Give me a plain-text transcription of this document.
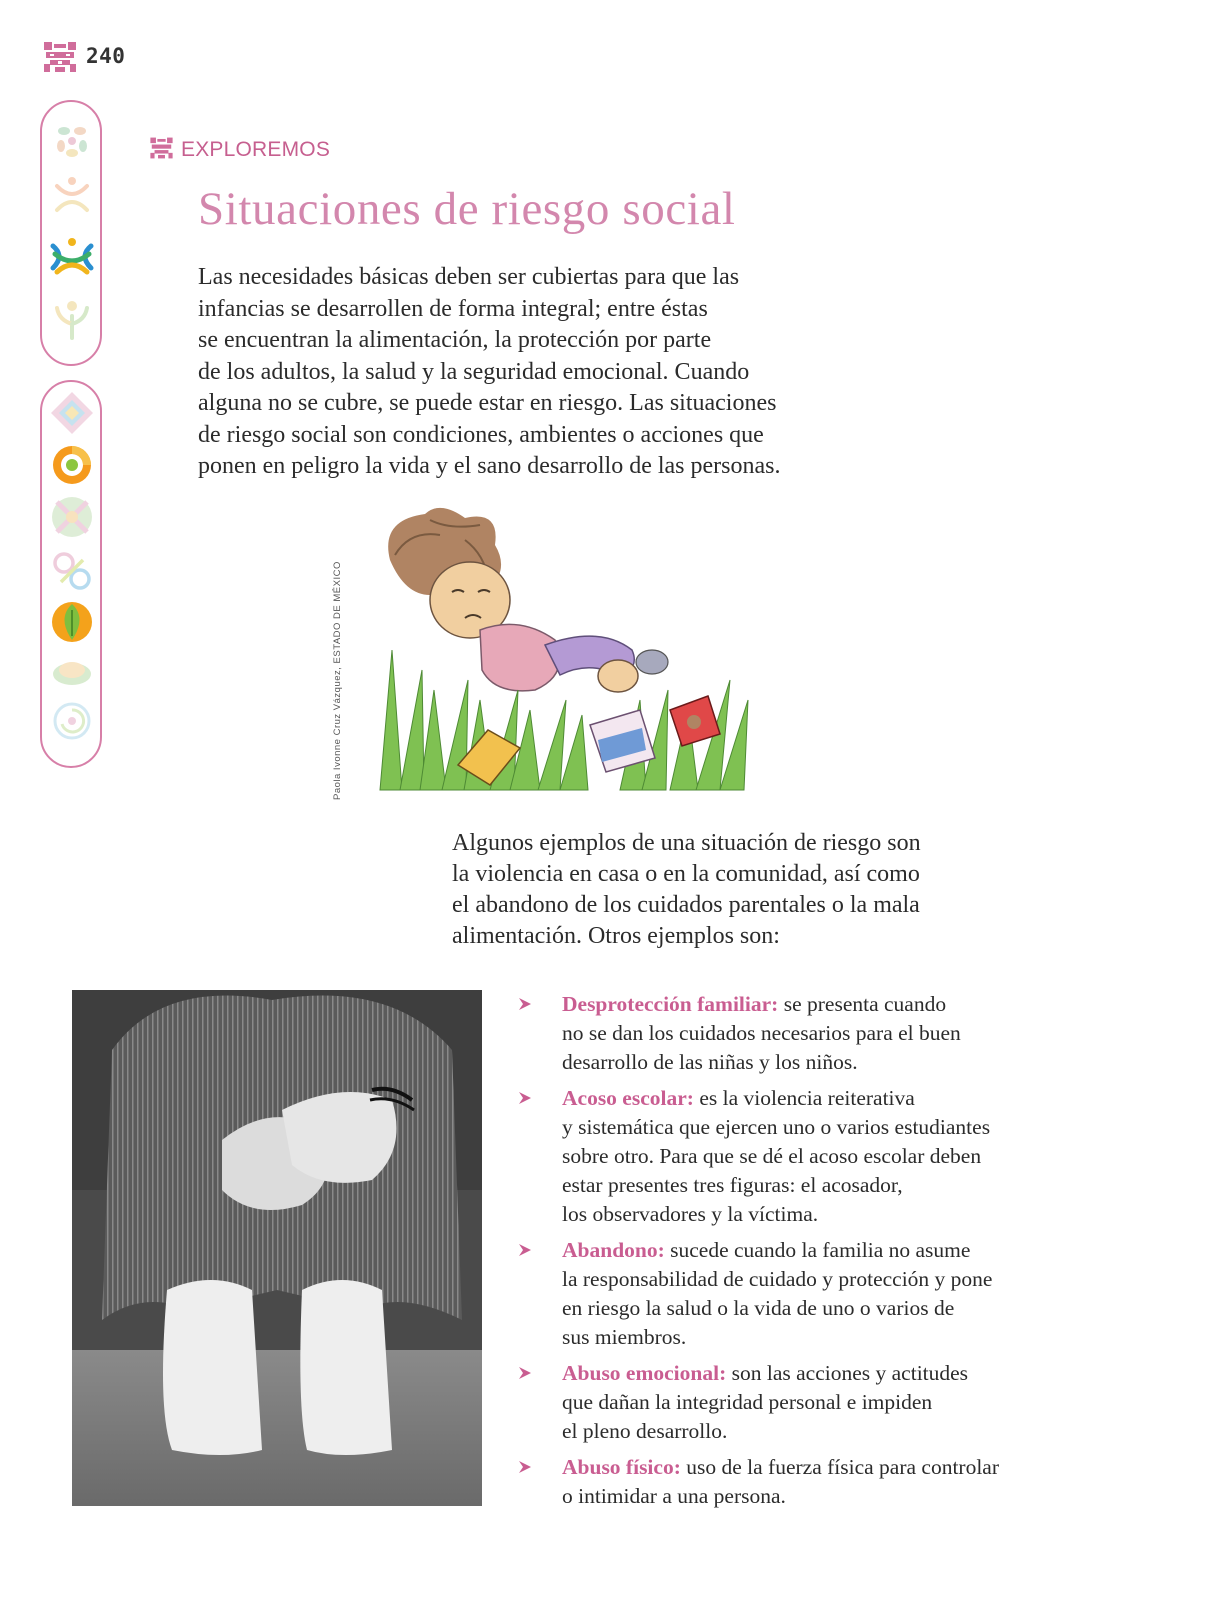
240
EXPLOREMOS
Situaciones de riesgo social
Las necesidades básicas deben ser cubiertas para que las
infancias se desarrollen de forma integral; entre éstas
se encuentran la alimentación, la protección por parte
de los adultos, la salud y la seguridad emocional. Cuando
alguna no se cubre, se puede estar en riesgo. Las situaciones
de riesgo social son condiciones, ambientes o acciones que
ponen en peligro la vida y el sano desarrollo de las personas.
Paola Ivonne Cruz Vázquez, ESTADO DE MÉXICO
Algunos ejemplos de una situación de riesgo son
la violencia en casa o en la comunidad, así como
el abandono de los cuidados parentales o la mala
alimentación. Otros ejemplos son:
Desprotección familiar: se presenta cuando
no se dan los cuidados necesarios para el buen
desarrollo de las niñas y los niños.
Acoso escolar: es la violencia reiterativa
y sistemática que ejercen uno o varios estudiantes
sobre otro. Para que se dé el acoso escolar deben
estar presentes tres figuras: el acosador,
los observadores y la víctima.
Abandono: sucede cuando la familia no asume
la responsabilidad de cuidado y protección y pone
en riesgo la salud o la vida de uno o varios de
sus miembros.
Abuso emocional: son las acciones y actitudes
que dañan la integridad personal e impiden
el pleno desarrollo.
Abuso físico: uso de la fuerza física para controlar
o intimidar a una persona.
